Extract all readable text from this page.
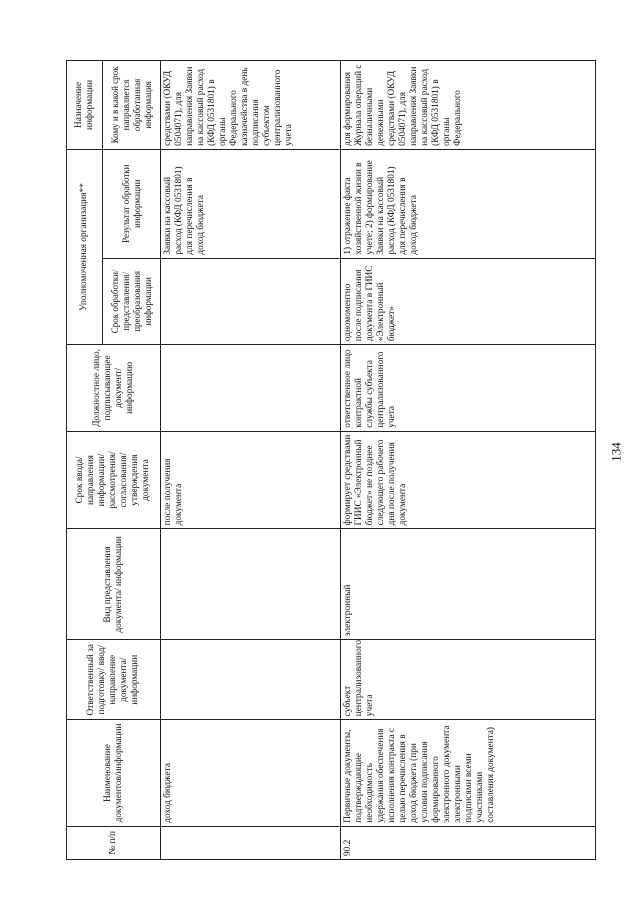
134
№ п/п	Наименование документов/информации	Ответственный за подготовку/ ввод/ направление документа/ информации	Вид представления документа/ информации	Срок ввода/ направления информации/ рассмотрения/ согласования/ утверждения документа	Должностное лицо, подписывающее документ/ информацию	Уполномоченная организация**		Назначение информации
						Срок обработки/ представления/ преобразования информации	Результат обработки информации	Кому и в какой срок направляется обработанная информация
	доход бюджета			после получения документа			Заявки на кассовый расход (КФД 0531801) для перечисления в доход бюджета	средствами (ОКУД 0504071), для направления Заявки на кассовый расход (КФД 0531801) в органы Федерального казначейства в день подписания субъектом централизованного учета
90.2	Первичные документы, подтверждающие необходимость удержания обеспечения исполнения контракта с целью перечисления в доход бюджета (при условии подписания формированного электронного документа электронными подписями всеми участниками составления документа)	субъект централизованного учета	электронный	формирует средствами ГИИС «Электронный бюджет» не позднее следующего рабочего дня после получения документа	ответственное лицо контрактной службы субъекта централизованного учета	одномоментно после подписания документа в ГИИС «Электронный бюджет»	1) отражение факта хозяйственной жизни в учете; 2) формирование Заявки на кассовый расход (КФД 0531801) для перечисления в доход бюджета	для формирования Журнала операций с безналичными денежными средствами (ОКУД 0504071), для направления Заявки на кассовый расход (КФД 0531801) в органы Федерального
